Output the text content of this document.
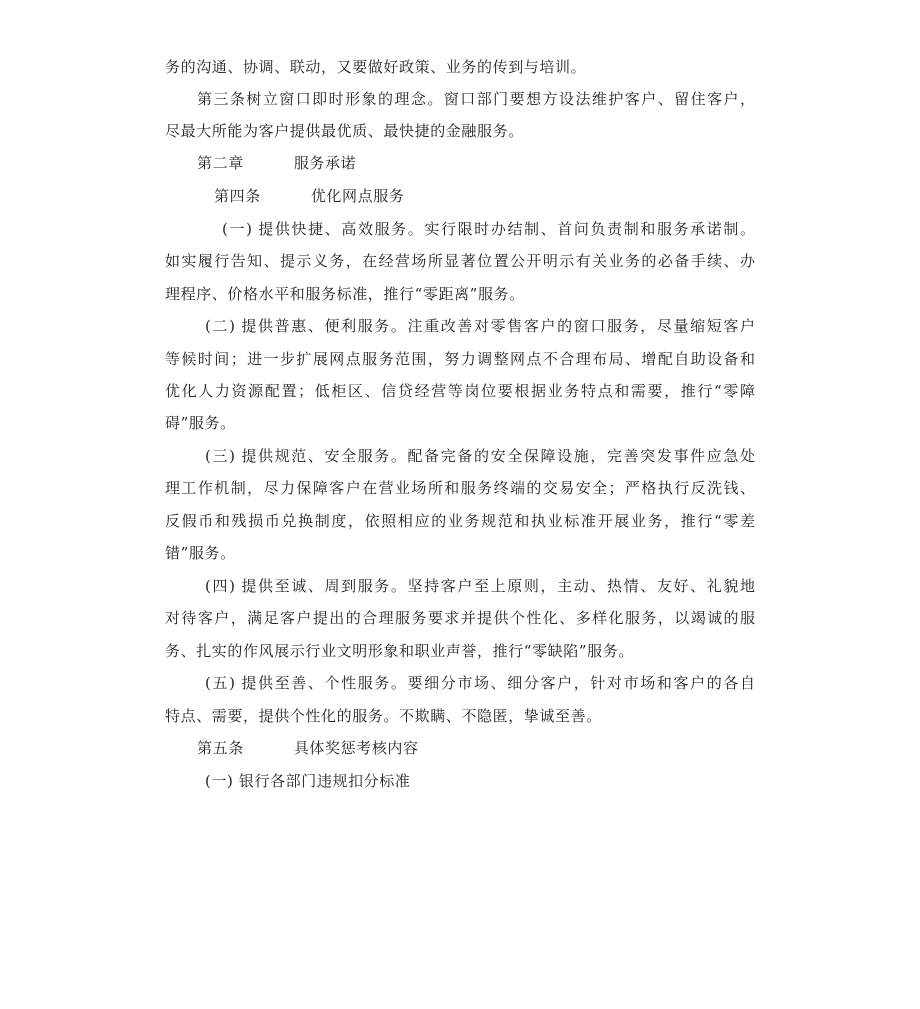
务的沟通、协调、联动，又要做好政策、业务的传到与培训。
第三条树立窗口即时形象的理念。窗口部门要想方设法维护客户、留住客户，
尽最大所能为客户提供最优质、最快捷的金融服务。
第二章	服务承诺
第四条	优化网点服务
(一) 提供快捷、高效服务。实行限时办结制、首问负责制和服务承诺制。
如实履行告知、提示义务，在经营场所显著位置公开明示有关业务的必备手续、办
理程序、价格水平和服务标准，推行“零距离”服务。
(二) 提供普惠、便利服务。注重改善对零售客户的窗口服务，尽量缩短客户
等候时间；进一步扩展网点服务范围，努力调整网点不合理布局、增配自助设备和
优化人力资源配置；低柜区、信贷经营等岗位要根据业务特点和需要，推行“零障
碍”服务。
(三) 提供规范、安全服务。配备完备的安全保障设施，完善突发事件应急处
理工作机制，尽力保障客户在营业场所和服务终端的交易安全；严格执行反洗钱、
反假币和残损币兑换制度，依照相应的业务规范和执业标准开展业务，推行“零差
错”服务。
(四) 提供至诚、周到服务。坚持客户至上原则，主动、热情、友好、礼貌地
对待客户，满足客户提出的合理服务要求并提供个性化、多样化服务，以竭诚的服
务、扎实的作风展示行业文明形象和职业声誉，推行“零缺陷”服务。
(五) 提供至善、个性服务。要细分市场、细分客户，针对市场和客户的各自
特点、需要，提供个性化的服务。不欺瞒、不隐匿，挚诚至善。
第五条	具体奖惩考核内容
(一) 银行各部门违规扣分标准
